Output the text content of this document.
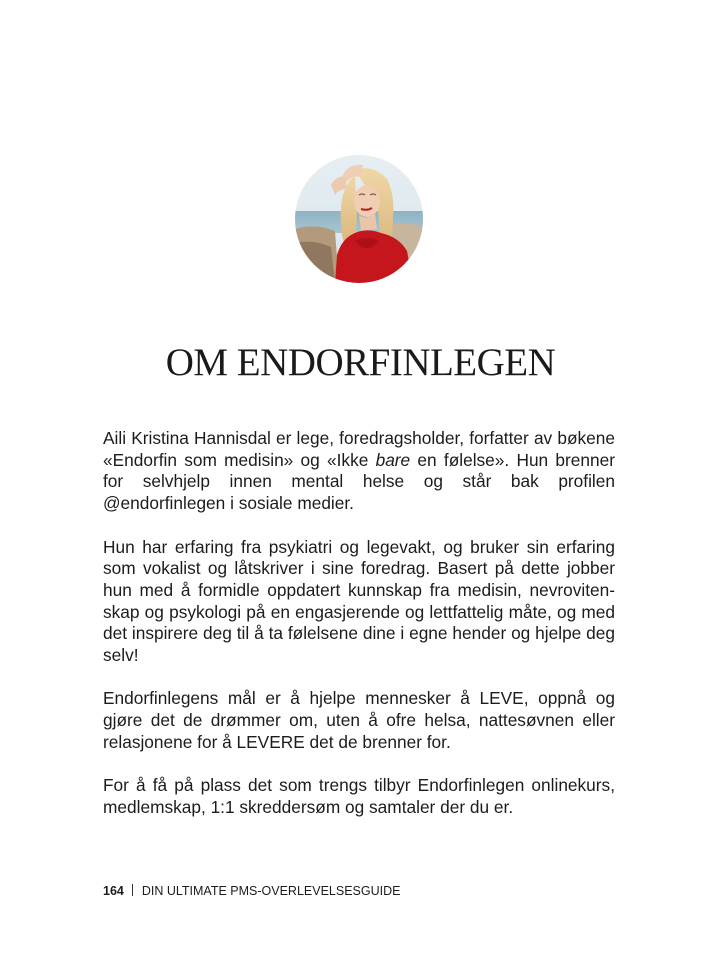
OM ENDORFINLEGEN

Aili Kristina Hannisdal er lege, foredragsholder, forfatter av bøkene «Endorfin som medisin» og «Ikke bare en følelse». Hun brenner for selvhjelp innen mental helse og står bak profilen @endorfinlegen i sosiale medier.

Hun har erfaring fra psykiatri og legevakt, og bruker sin erfaring som vokalist og låtskriver i sine foredrag. Basert på dette jobber hun med å formidle oppdatert kunnskap fra medisin, nevrovitenskap og psykologi på en engasjerende og lettfattelig måte, og med det inspirere deg til å ta følelsene dine i egne hender og hjelpe deg selv!

Endorfinlegens mål er å hjelpe mennesker å LEVE, oppnå og gjøre det de drømmer om, uten å ofre helsa, nattesøvnen eller relasjonene for å LEVERE det de brenner for.

For å få på plass det som trengs tilbyr Endorfinlegen onlinekurs, medlemskap, 1:1 skreddersøm og samtaler der du er.

164 DIN ULTIMATE PMS-OVERLEVELSESGUIDE
